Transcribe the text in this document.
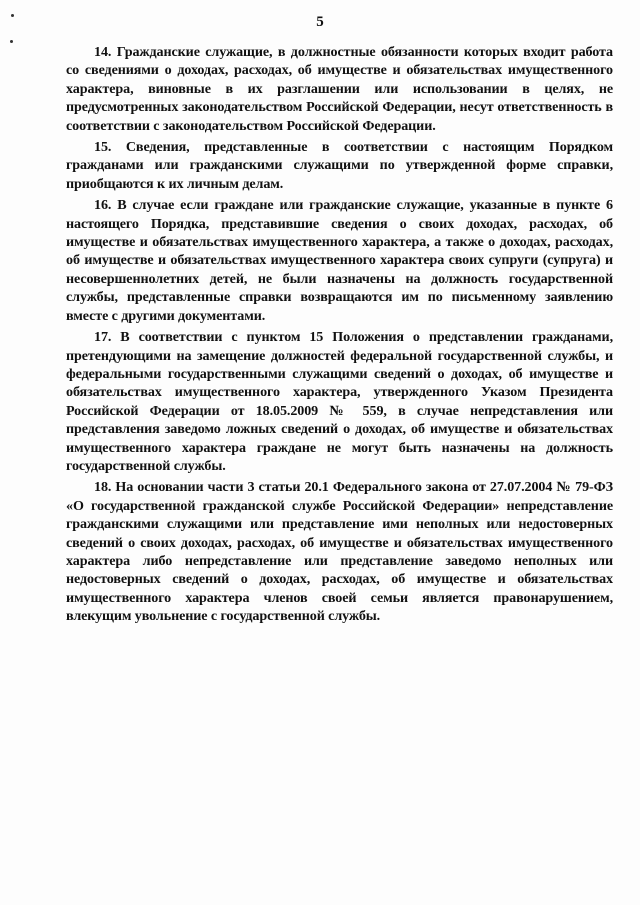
5

14. Гражданские служащие, в должностные обязанности которых входит работа со сведениями о доходах, расходах, об имуществе и обязательствах имущественного характера, виновные в их разглашении или использовании в целях, не предусмотренных законодательством Российской Федерации, несут ответственность в соответствии с законодательством Российской Федерации.

15. Сведения, представленные в соответствии с настоящим Порядком гражданами или гражданскими служащими по утвержденной форме справки, приобщаются к их личным делам.

16. В случае если граждане или гражданские служащие, указанные в пункте 6 настоящего Порядка, представившие сведения о своих доходах, расходах, об имуществе и обязательствах имущественного характера, а также о доходах, расходах, об имуществе и обязательствах имущественного характера своих супруги (супруга) и несовершеннолетних детей, не были назначены на должность государственной службы, представленные справки возвращаются им по письменному заявлению вместе с другими документами.

17. В соответствии с пунктом 15 Положения о представлении гражданами, претендующими на замещение должностей федеральной государственной службы, и федеральными государственными служащими сведений о доходах, об имуществе и обязательствах имущественного характера, утвержденного Указом Президента Российской Федерации от 18.05.2009 № 559, в случае непредставления или представления заведомо ложных сведений о доходах, об имуществе и обязательствах имущественного характера граждане не могут быть назначены на должность государственной службы.

18. На основании части 3 статьи 20.1 Федерального закона от 27.07.2004 № 79-ФЗ «О государственной гражданской службе Российской Федерации» непредставление гражданскими служащими или представление ими неполных или недостоверных сведений о своих доходах, расходах, об имуществе и обязательствах имущественного характера либо непредставление или представление заведомо неполных или недостоверных сведений о доходах, расходах, об имуществе и обязательствах имущественного характера членов своей семьи является правонарушением, влекущим увольнение с государственной службы.
